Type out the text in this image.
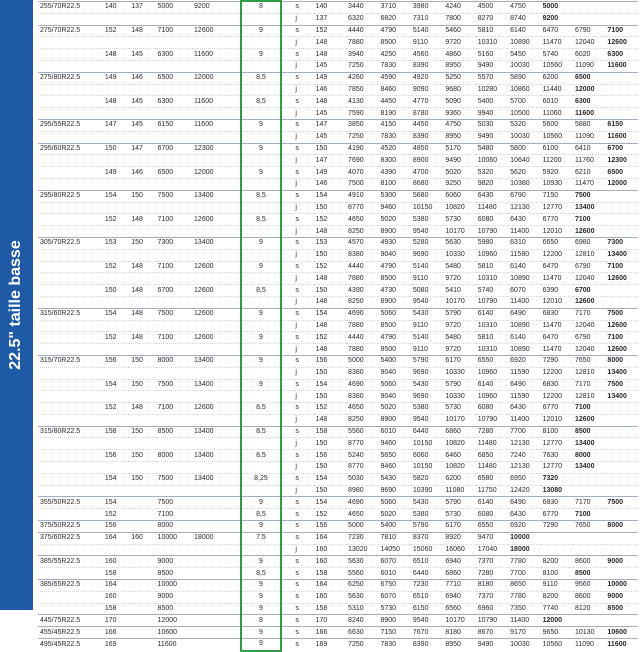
22.5" taille basse
255/70R22.5	140	137	5000	9200		8		s	140	3440	3710	3980	4240	4500	4750	5000		
								j	137	6320	6820	7310	7800	8270	8740	9200		
275/70R22.5	152	148	7100	12600		9		s	152	4440	4790	5140	5460	5810	6140	6470	6790	7100
								j	148	7880	8500	9110	9720	10310	10890	11470	12040	12600
	148	145	6300	11600		9		s	148	3940	4250	4560	4860	5160	5450	5740	6020	6300
								j	145	7250	7830	8390	8950	9490	10030	10560	11090	11600
275/80R22.5	149	146	6500	12000		8,5		s	149	4260	4590	4920	5250	5570	5890	6200	6500	
								j	146	7850	8460	9090	9680	10280	10860	11440	12000	
	148	145	6300	11600		8,5		s	148	4130	4450	4770	5090	5400	5700	6010	6300	
								j	145	7590	8190	8780	9360	9940	10500	11060	11600	
295/55R22.5	147	145	6150	11600		9		s	147	3850	4150	4450	4750	5030	5320	5600	5880	6150
								j	145	7250	7830	8390	8950	9490	10030	10560	11090	11600
295/60R22.5	150	147	6700	12300		9		s	150	4190	4520	4850	5170	5480	5800	6100	6410	6700
								j	147	7690	8300	8900	9490	10060	10640	11200	11760	12300
	149	146	6500	12000		9		s	149	4070	4390	4700	5020	5320	5620	5920	6210	6500
								j	146	7500	8100	8680	9250	9820	10380	10930	11470	12000
295/80R22.5	154	150	7500	13400		8,5		s	154	4910	5300	5680	6060	6430	6790	7150	7500	
								j	150	8770	9460	10150	10820	11480	12130	12770	13400	
	152	148	7100	12600		8,5		s	152	4650	5020	5380	5730	6080	6430	6770	7100	
								j	148	8250	8900	9540	10170	10790	11400	12010	12600	
305/70R22.5	153	150	7300	13400		9		s	153	4570	4930	5280	5630	5980	6310	6650	6980	7300
								j	150	8380	9040	9690	10330	10960	11580	12200	12810	13400
	152	148	7100	12600		9		s	152	4440	4790	5140	5480	5810	6140	6470	6790	7100
								j	148	7880	8500	9110	9720	10310	10890	11470	12040	12600
	150	148	6700	12600		8,5		s	150	4390	4730	5080	5410	5740	6070	6390	6700	
								j	148	8250	8900	9540	10170	10790	11400	12010	12600	
315/60R22.5	154	148	7500	12600		9		s	154	4690	5060	5430	5790	6140	6490	6830	7170	7500
								j	148	7880	8500	9110	9720	10310	10890	11470	12040	12600
	152	148	7100	12600		9		s	152	4440	4790	5140	5480	5810	6140	6470	6790	7100
								j	148	7880	8500	9110	9720	10310	10890	11470	12040	12600
315/70R22.5	156	150	8000	13400		9		s	156	5000	5400	5790	6170	6550	6920	7290	7650	8000
								j	150	8380	9040	9690	10330	10960	11590	12200	12810	13400
	154	150	7500	13400		9		s	154	4690	5060	5430	5790	6140	6490	6830	7170	7500
								j	150	8380	9040	9690	10330	10960	11590	12200	12810	13400
	152	148	7100	12600		8,5		s	152	4650	5020	5380	5730	6080	6430	6770	7100	
								j	148	8250	8900	9540	10170	10790	11400	12010	12600	
315/80R22.5	158	150	8500	13400		8,5		s	158	5560	6010	6440	6860	7280	7700	8100	8500	
								j	150	8770	9460	10150	10820	11480	12130	12770	13400	
	156	150	8000	13400		8,5		s	156	5240	5650	6060	6460	6850	7240	7630	8000	
								j	150	8770	9460	10150	10820	11480	12130	12770	13400	
	154	150	7500	13400		8,25		s	154	5030	5430	5820	6200	6580	6950	7320		
								j	150	8980	9690	10390	11080	11750	12420	13080		
355/50R22.5	154		7500			9		s	154	4690	5060	5430	5790	6140	6490	6830	7170	7500
	152		7100			8,5		s	152	4650	5020	5380	5730	6080	6430	6770	7100	
375/50R22.5	156		8000			9		s	156	5000	5400	5790	6170	6550	6920	7290	7650	8000
375/60R22.5	164	160	10000	18000		7.5		s	164	7230	7810	8370	8920	9470	10000			
								j	160	13020	14050	15060	16060	17040	18000			
385/55R22.5	160		9000			9		s	160	5630	6070	6510	6940	7370	7780	8200	8600	9000
	158		8500			8,5		s	158	5560	6010	6440	6860	7280	7700	8100	8500	
385/65R22.5	164		10000			9		s	164	6250	6750	7230	7710	8180	8650	9110	9560	10000
	160		9000			9		s	160	5630	6070	6510	6940	7370	7780	8200	8600	9000
	158		8500			9		s	158	5310	5730	6150	6560	6960	7350	7740	8120	8500
445/75R22.5	170		12000			8		s	170	8240	8900	9540	10170	10790	11400	12000		
455/45R22.5	166		10600			9		s	166	6630	7150	7670	8180	8670	9170	9650	10130	10600
495/45R22.5	169		11600			9		s	169	7250	7830	8390	8950	9490	10030	10560	11090	11600
